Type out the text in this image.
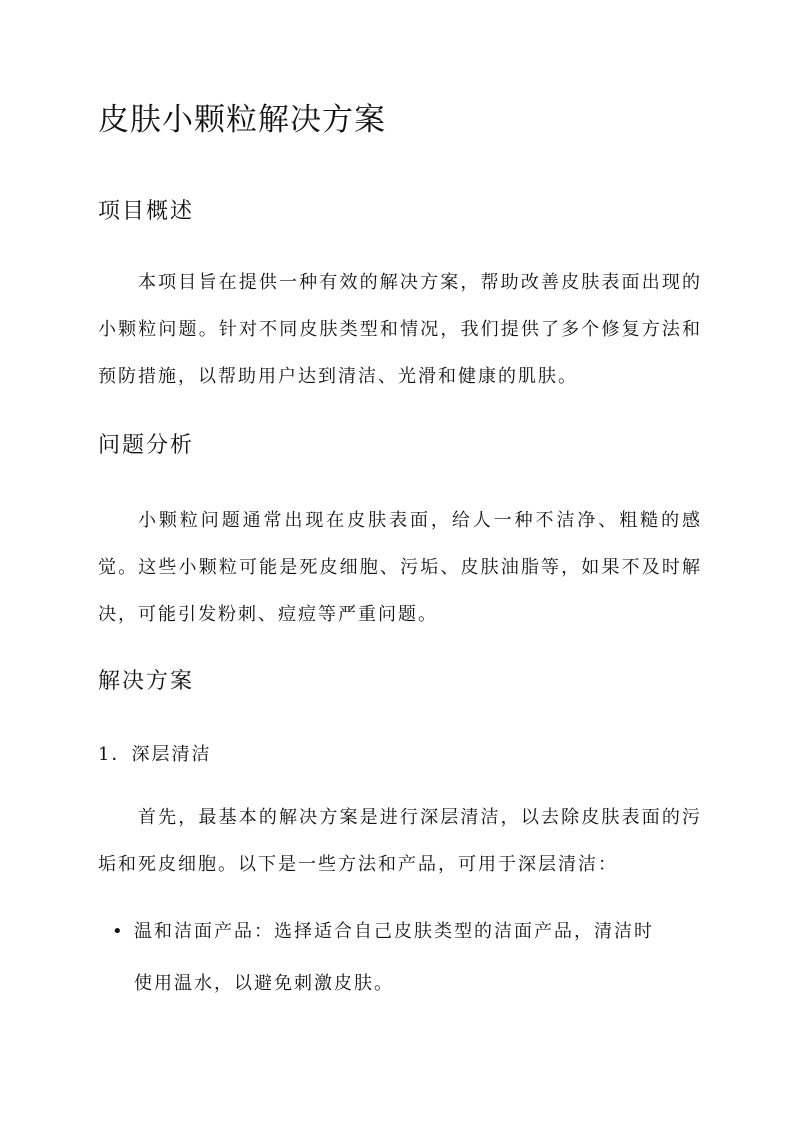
皮肤小颗粒解决方案
项目概述

本项目旨在提供一种有效的解决方案，帮助改善皮肤表面出现的小颗粒问题。针对不同皮肤类型和情况，我们提供了多个修复方法和预防措施，以帮助用户达到清洁、光滑和健康的肌肤。

问题分析

小颗粒问题通常出现在皮肤表面，给人一种不洁净、粗糙的感觉。这些小颗粒可能是死皮细胞、污垢、皮肤油脂等，如果不及时解决，可能引发粉刺、痘痘等严重问题。

解决方案
1．深层清洁

首先，最基本的解决方案是进行深层清洁，以去除皮肤表面的污垢和死皮细胞。以下是一些方法和产品，可用于深层清洁：

• 温和洁面产品：选择适合自己皮肤类型的洁面产品，清洁时
使用温水，以避免刺激皮肤。
